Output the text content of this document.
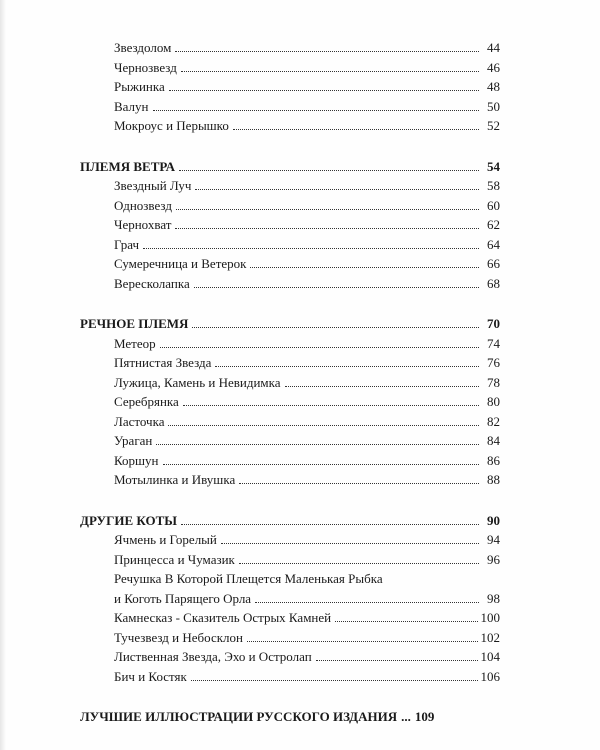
Звездолом	44
Чернозвезд	46
Рыжинка	48
Валун	50
Мокроус и Перышко	52
ПЛЕМЯ ВЕТРА	54
Звездный Луч	58
Однозвезд	60
Чернохват	62
Грач	64
Сумеречница и Ветерок	66
Вересколапка	68
РЕЧНОЕ ПЛЕМЯ	70
Метеор	74
Пятнистая Звезда	76
Лужица, Камень и Невидимка	78
Серебрянка	80
Ласточка	82
Ураган	84
Коршун	86
Мотылинка и Ивушка	88
ДРУГИЕ КОТЫ	90
Ячмень и Горелый	94
Принцесса и Чумазик	96
Речушка В Которой Плещется Маленькая Рыбка
и Коготь Парящего Орла	98
Камнесказ - Сказитель Острых Камней	100
Тучезвезд и Небосклон	102
Лиственная Звезда, Эхо и Остролап	104
Бич и Костяк	106
ЛУЧШИЕ ИЛЛЮСТРАЦИИ РУССКОГО ИЗДАНИЯ ... 109
